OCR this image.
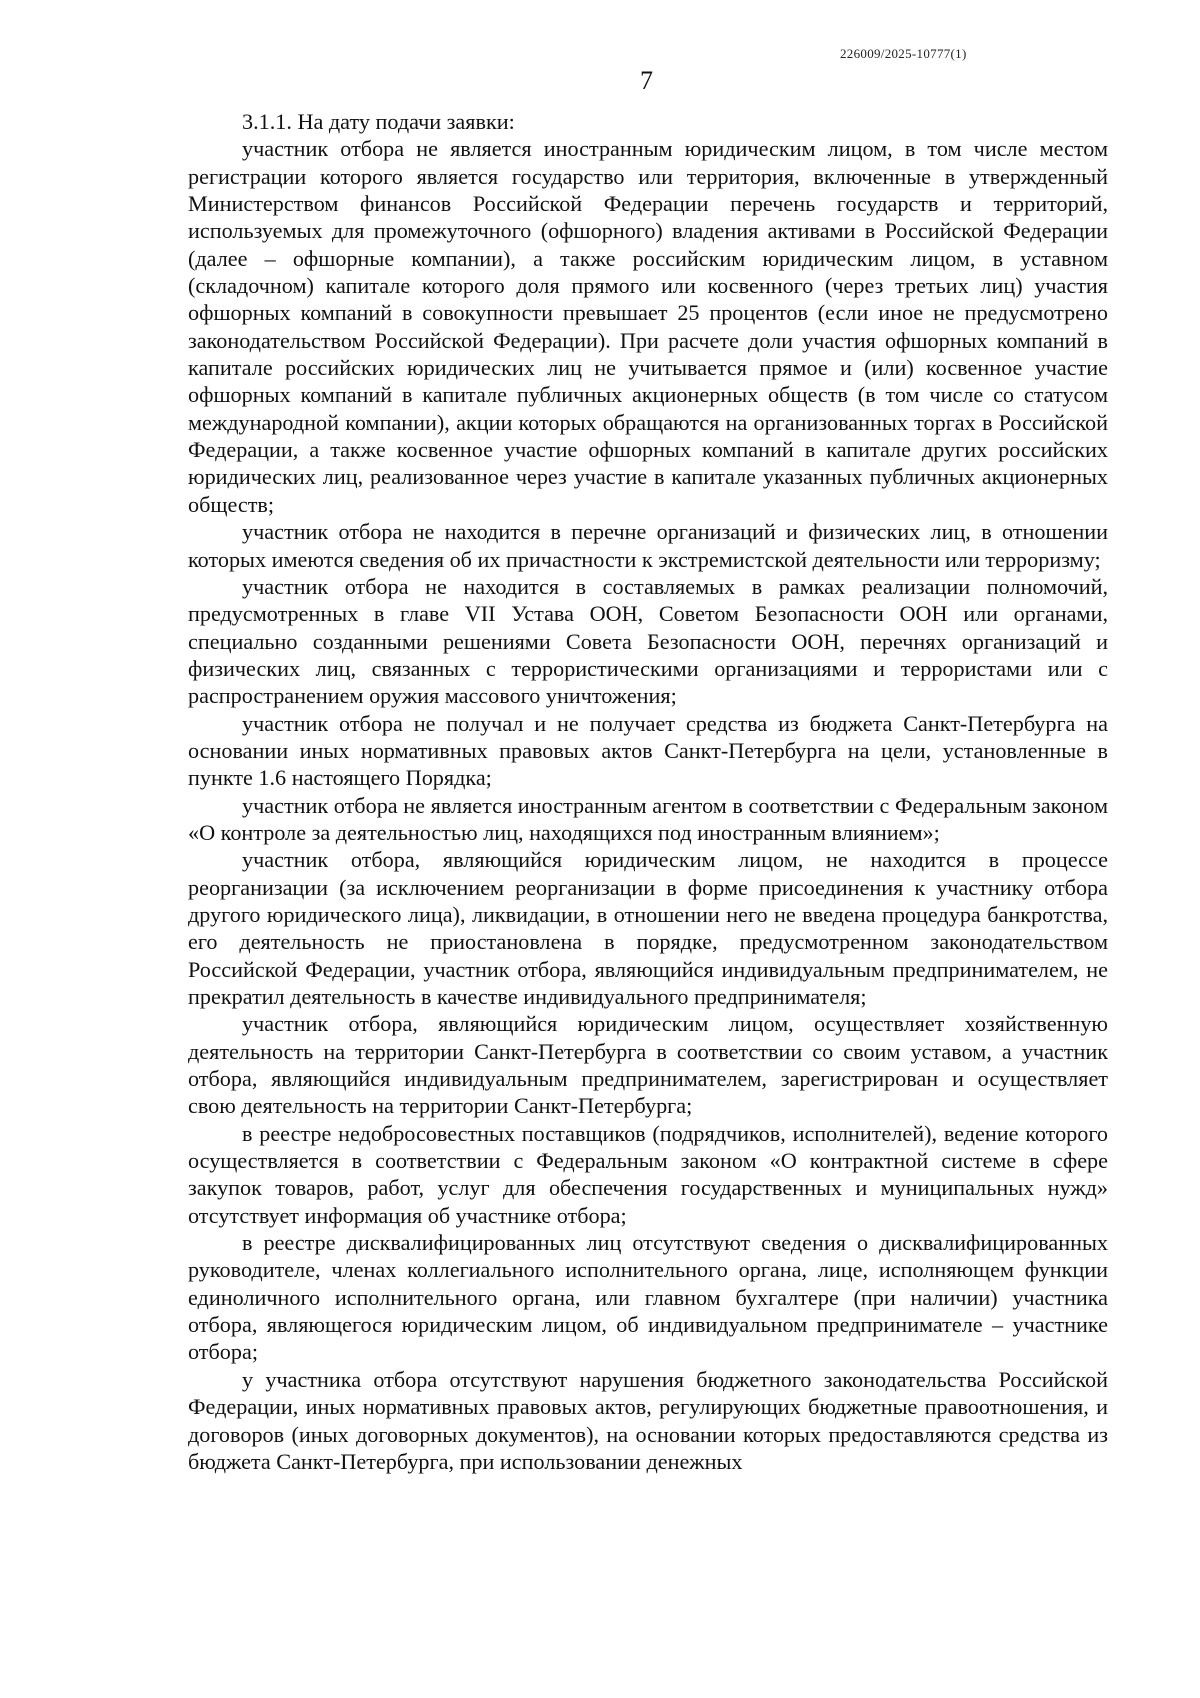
226009/2025-10777(1)
7

3.1.1. На дату подачи заявки:

участник отбора не является иностранным юридическим лицом, в том числе местом регистрации которого является государство или территория, включенные в утвержденный Министерством финансов Российской Федерации перечень государств и территорий, используемых для промежуточного (офшорного) владения активами в Российской Федерации (далее – офшорные компании), а также российским юридическим лицом, в уставном (складочном) капитале которого доля прямого или косвенного (через третьих лиц) участия офшорных компаний в совокупности превышает 25 процентов (если иное не предусмотрено законодательством Российской Федерации). При расчете доли участия офшорных компаний в капитале российских юридических лиц не учитывается прямое и (или) косвенное участие офшорных компаний в капитале публичных акционерных обществ (в том числе со статусом международной компании), акции которых обращаются на организованных торгах в Российской Федерации, а также косвенное участие офшорных компаний в капитале других российских юридических лиц, реализованное через участие в капитале указанных публичных акционерных обществ;

участник отбора не находится в перечне организаций и физических лиц, в отношении которых имеются сведения об их причастности к экстремистской деятельности или терроризму;

участник отбора не находится в составляемых в рамках реализации полномочий, предусмотренных в главе VII Устава ООН, Советом Безопасности ООН или органами, специально созданными решениями Совета Безопасности ООН, перечнях организаций и физических лиц, связанных с террористическими организациями и террористами или с распространением оружия массового уничтожения;

участник отбора не получал и не получает средства из бюджета Санкт-Петербурга на основании иных нормативных правовых актов Санкт-Петербурга на цели, установленные в пункте 1.6 настоящего Порядка;

участник отбора не является иностранным агентом в соответствии с Федеральным законом «О контроле за деятельностью лиц, находящихся под иностранным влиянием»;

участник отбора, являющийся юридическим лицом, не находится в процессе реорганизации (за исключением реорганизации в форме присоединения к участнику отбора другого юридического лица), ликвидации, в отношении него не введена процедура банкротства, его деятельность не приостановлена в порядке, предусмотренном законодательством Российской Федерации, участник отбора, являющийся индивидуальным предпринимателем, не прекратил деятельность в качестве индивидуального предпринимателя;

участник отбора, являющийся юридическим лицом, осуществляет хозяйственную деятельность на территории Санкт-Петербурга в соответствии со своим уставом, а участник отбора, являющийся индивидуальным предпринимателем, зарегистрирован и осуществляет свою деятельность на территории Санкт-Петербурга;

в реестре недобросовестных поставщиков (подрядчиков, исполнителей), ведение которого осуществляется в соответствии с Федеральным законом «О контрактной системе в сфере закупок товаров, работ, услуг для обеспечения государственных и муниципальных нужд» отсутствует информация об участнике отбора;

в реестре дисквалифицированных лиц отсутствуют сведения о дисквалифицированных руководителе, членах коллегиального исполнительного органа, лице, исполняющем функции единоличного исполнительного органа, или главном бухгалтере (при наличии) участника отбора, являющегося юридическим лицом, об индивидуальном предпринимателе – участнике отбора;

у участника отбора отсутствуют нарушения бюджетного законодательства Российской Федерации, иных нормативных правовых актов, регулирующих бюджетные правоотношения, и договоров (иных договорных документов), на основании которых предоставляются средства из бюджета Санкт-Петербурга, при использовании денежных
